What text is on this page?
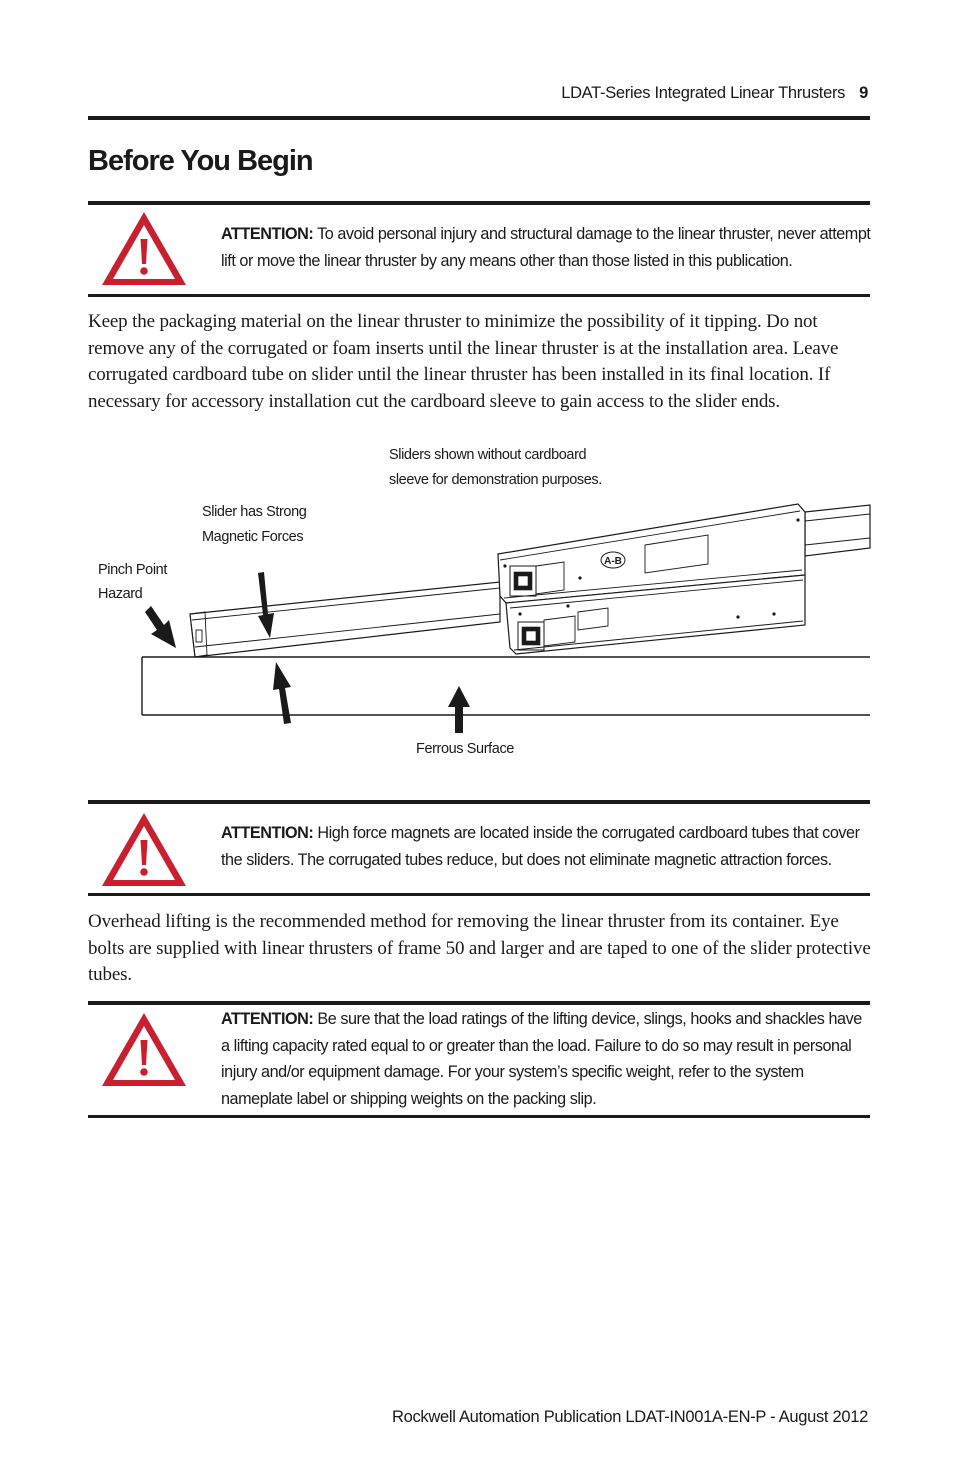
LDAT-Series Integrated Linear Thrusters 9
Before You Begin
ATTENTION: To avoid personal injury and structural damage to the linear thruster, never attempt lift or move the linear thruster by any means other than those listed in this publication.

Keep the packaging material on the linear thruster to minimize the possibility of it tipping. Do not remove any of the corrugated or foam inserts until the linear thruster is at the installation area. Leave corrugated cardboard tube on slider until the linear thruster has been installed in its final location. If necessary for accessory installation cut the cardboard sleeve to gain access to the slider ends.

Sliders shown without cardboard
sleeve for demonstration purposes.
Slider has Strong
Magnetic Forces
Pinch Point
Hazard
Ferrous Surface
A-B
ATTENTION: High force magnets are located inside the corrugated cardboard tubes that cover the sliders. The corrugated tubes reduce, but does not eliminate magnetic attraction forces.

Overhead lifting is the recommended method for removing the linear thruster from its container. Eye bolts are supplied with linear thrusters of frame 50 and larger and are taped to one of the slider protective tubes.

ATTENTION: Be sure that the load ratings of the lifting device, slings, hooks and shackles have a lifting capacity rated equal to or greater than the load. Failure to do so may result in personal injury and/or equipment damage. For your system’s specific weight, refer to the system nameplate label or shipping weights on the packing slip.
Rockwell Automation Publication LDAT-IN001A-EN-P - August 2012
